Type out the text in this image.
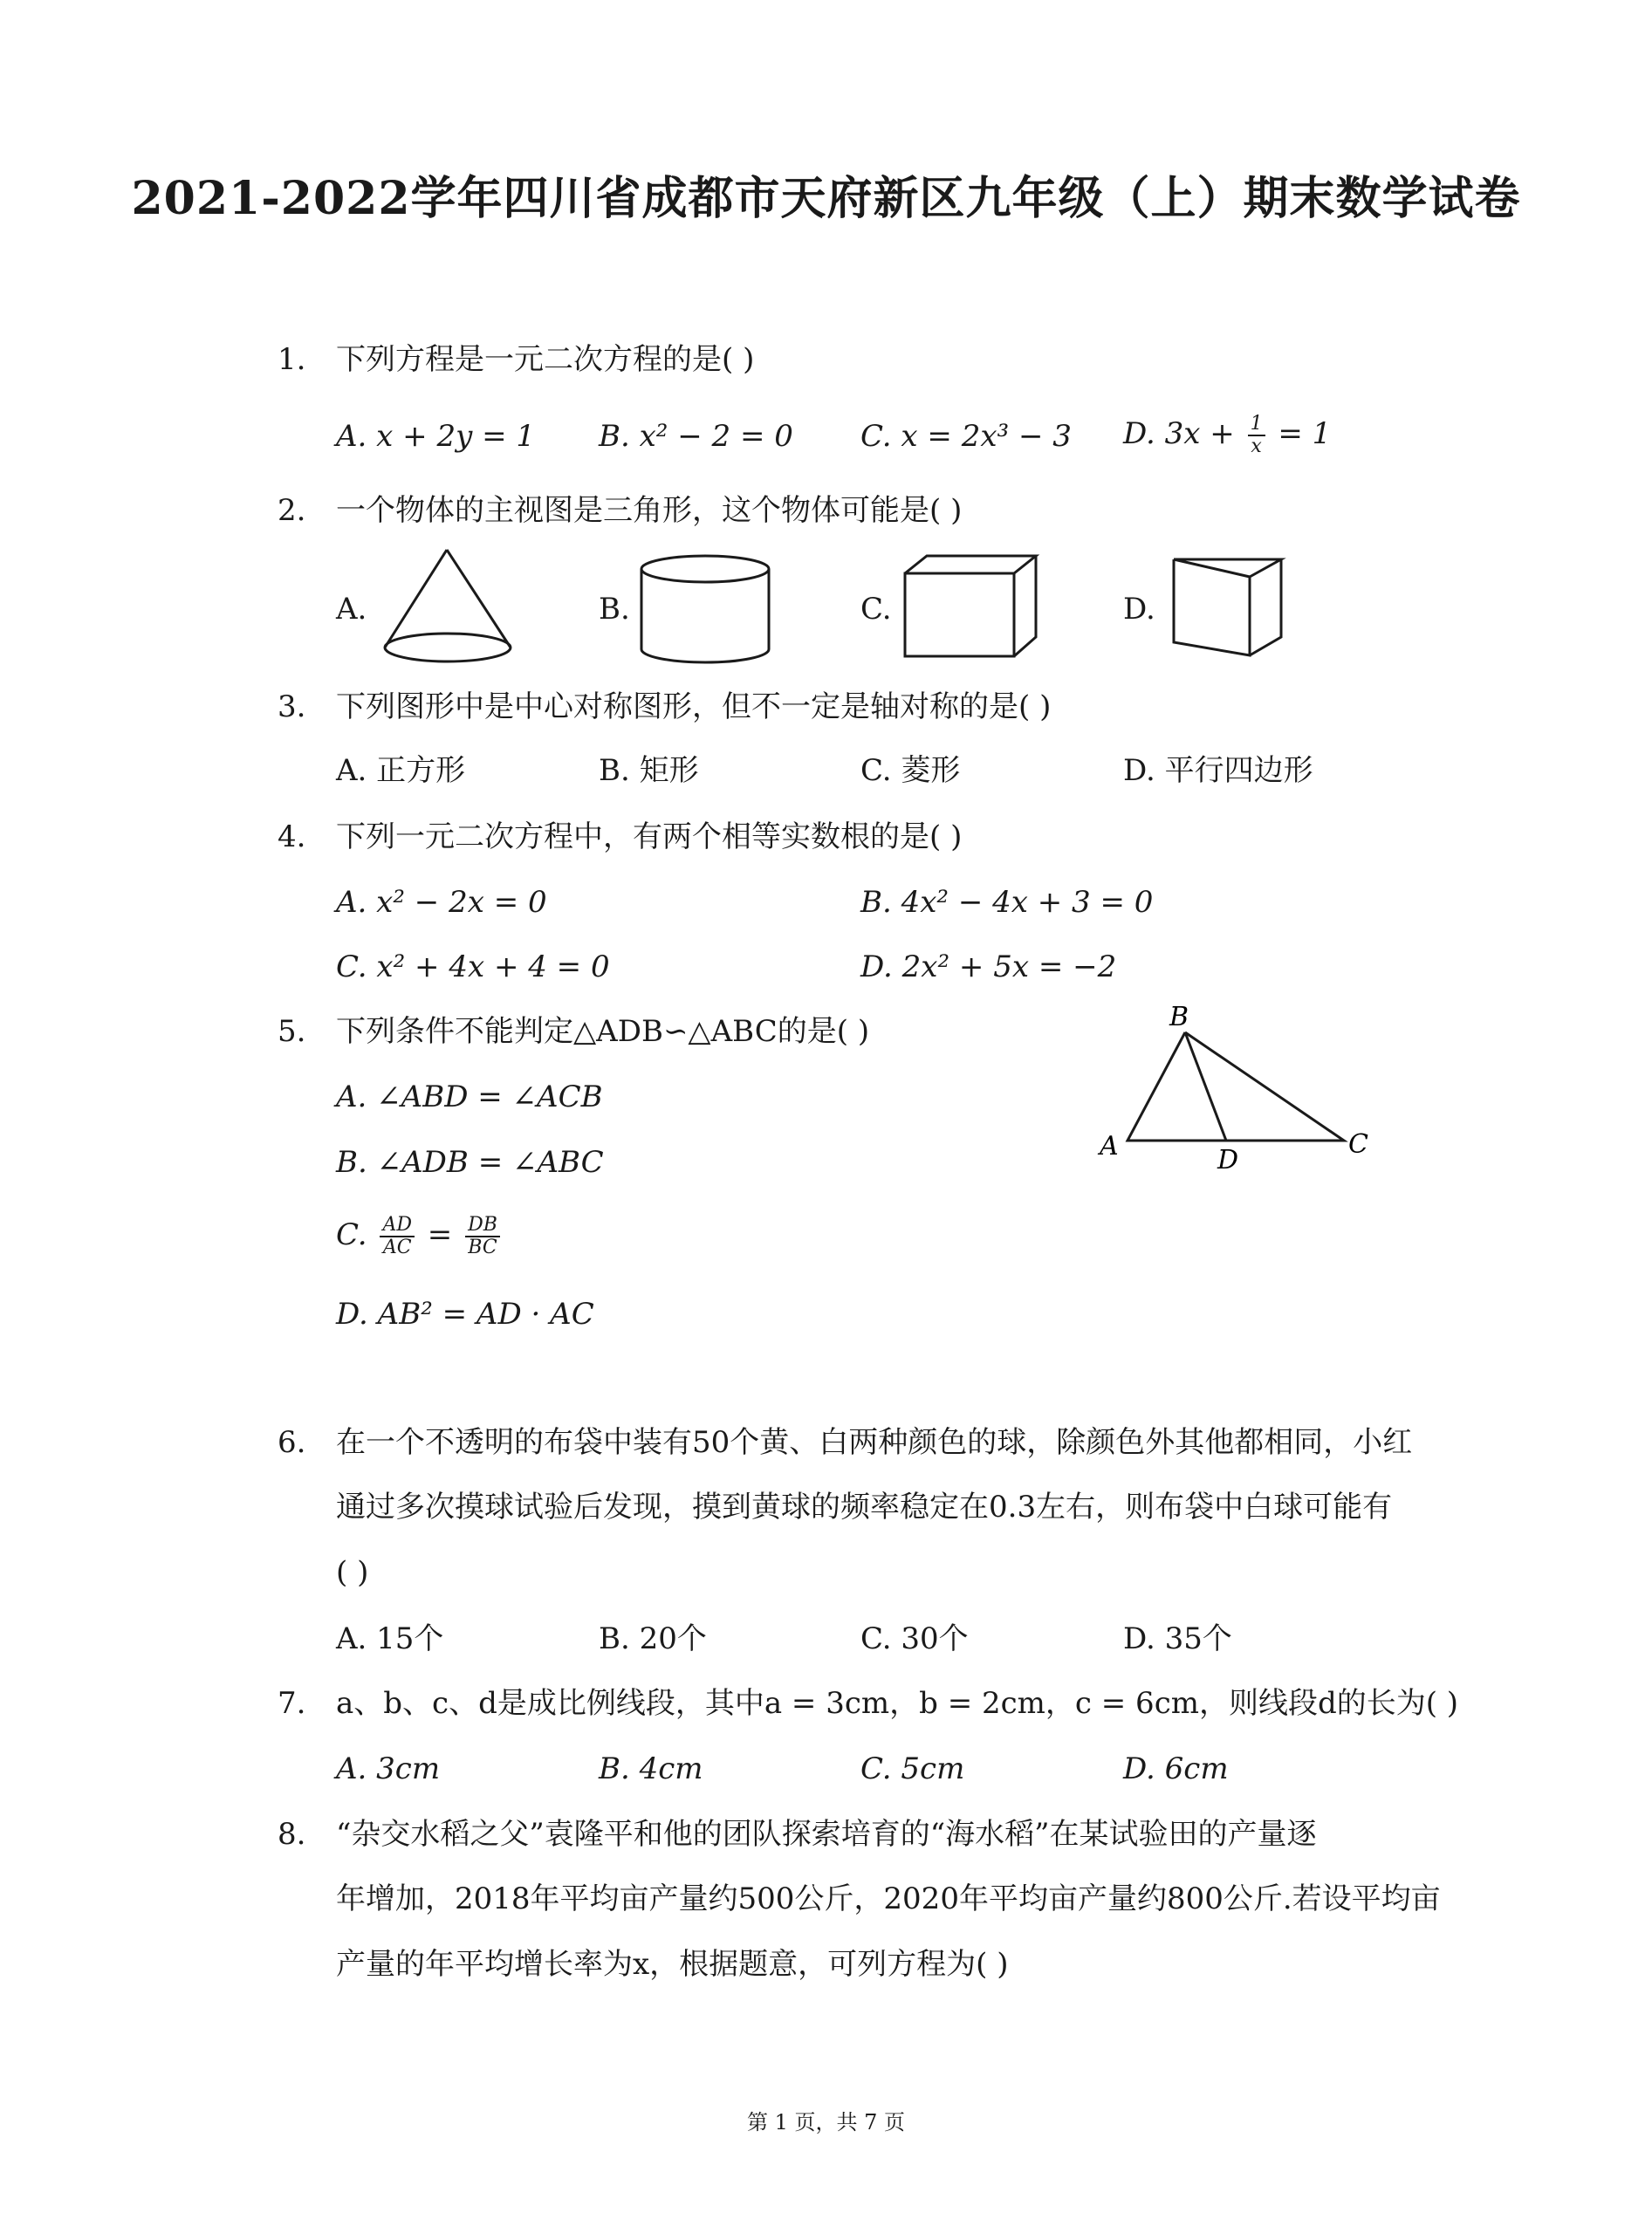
2021-2022学年四川省成都市天府新区九年级（上）期末数学试卷
1.	下列方程是一元二次方程的是( )
A. x + 2y = 1 B. x² − 2 = 0 C. x = 2x³ − 3 D. $3x + \frac{1}{x} = 1$
2.	一个物体的主视图是三角形，这个物体可能是( )
A.	B.	C.	D.
3.	下列图形中是中心对称图形，但不一定是轴对称的是( )
A. 正方形	B. 矩形	C. 菱形	D. 平行四边形
4.	下列一元二次方程中，有两个相等实数根的是( )
A. x² − 2x = 0	B. 4x² − 4x + 3 = 0
C. x² + 4x + 4 = 0	D. 2x² + 5x = −2
5.	下列条件不能判定△ADB∽△ABC的是( )
A. ∠ABD = ∠ACB
B. ∠ADB = ∠ABC
C. $\frac{AD}{AC} = \frac{DB}{BC}$
D. AB² = AD · AC
B
A	D
C
6.	在一个不透明的布袋中装有50个黄、白两种颜色的球，除颜色外其他都相同，小红
通过多次摸球试验后发现，摸到黄球的频率稳定在0.3左右，则布袋中白球可能有
( )
A. 15个	B. 20个	C. 30个	D. 35个
7.	a、b、c、d是成比例线段，其中a = 3cm，b = 2cm，c = 6cm，则线段d的长为( )
A. 3cm	B. 4cm	C. 5cm	D. 6cm
8.	“杂交水稻之父”袁隆平和他的团队探索培育的“海水稻”在某试验田的产量逐
年增加，2018年平均亩产量约500公斤，2020年平均亩产量约800公斤.若设平均亩
产量的年平均增长率为x，根据题意，可列方程为( )
第 1 页，共 7 页
